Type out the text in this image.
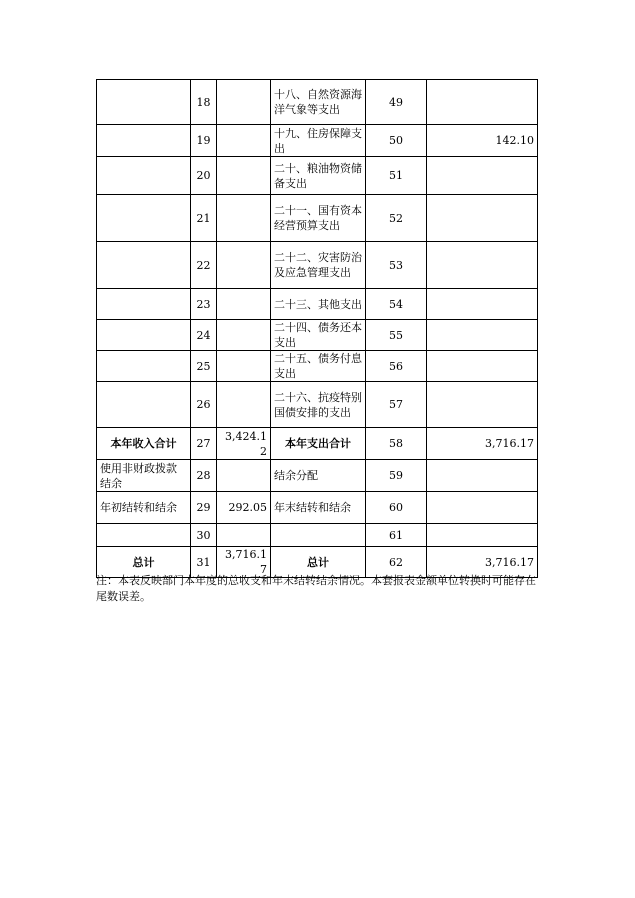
	18		十八、自然资源海洋气象等支出	49	
	19		十九、住房保障支出	50	142.10
	20		二十、粮油物资储备支出	51	
	21		二十一、国有资本经营预算支出	52	
	22		二十二、灾害防治及应急管理支出	53	
	23		二十三、其他支出	54	
	24		二十四、债务还本支出	55	
	25		二十五、债务付息支出	56	
	26		二十六、抗疫特别国债安排的支出	57	
本年收入合计	27	3,424.12	本年支出合计	58	3,716.17
使用非财政拨款结余	28		结余分配	59	
年初结转和结余	29	292.05	年末结转和结余	60	
	30			61	
总计	31	3,716.17	总计	62	3,716.17
注：本表反映部门本年度的总收支和年末结转结余情况。本套报表金额单位转换时可能存在尾数误差。
